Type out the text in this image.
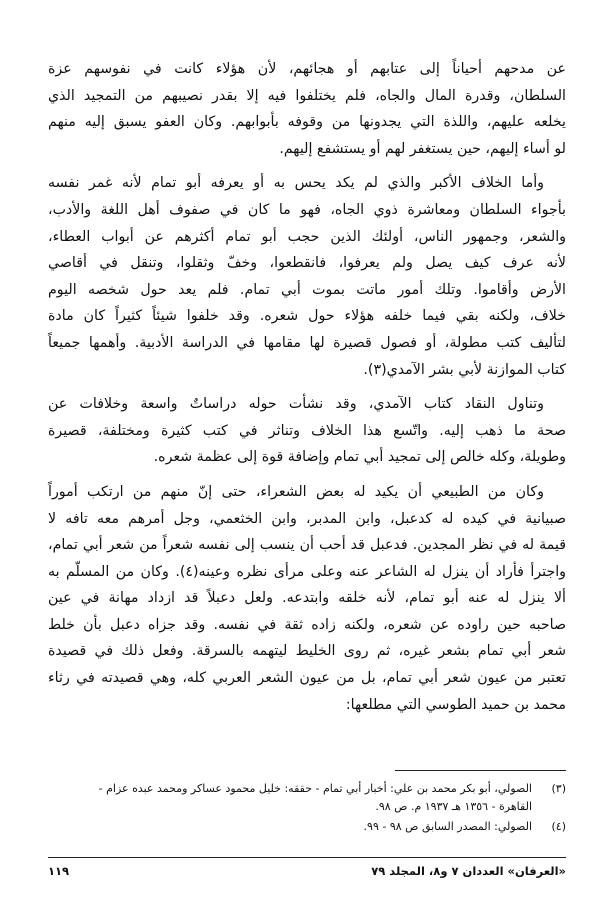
عن مدحهم أحياناً إلى عتابهم أو هجائهم، لأن هؤلاء كانت في نفوسهم عزة
السلطان، وقدرة المال والجاه، فلم يختلفوا فيه إلا بقدر نصيبهم من التمجيد الذي
يخلعه عليهم، واللذة التي يجدونها من وقوفه بأبوابهم. وكان العفو يسبق إليه منهم
لو أساء إليهم، حين يستغفر لهم أو يستشفع إليهم.
وأما الخلاف الأكبر والذي لم يكد يحس به أو يعرفه أبو تمام لأنه غمر نفسه
بأجواء السلطان ومعاشرة ذوي الجاه، فهو ما كان في صفوف أهل اللغة والأدب،
والشعر، وجمهور الناس، أولئك الذين حجب أبو تمام أكثرهم عن أبواب العطاء،
لأنه عرف كيف يصل ولم يعرفوا، فانقطعوا، وخفّ وثقلوا، وتنقل في أقاصي
الأرض وأقاموا. وتلك أمور ماتت بموت أبي تمام. فلم يعد حول شخصه اليوم
خلاف، ولكنه بقي فيما خلفه هؤلاء حول شعره. وقد خلفوا شيئاً كثيراً كان مادة
لتأليف كتب مطولة، أو فصول قصيرة لها مقامها في الدراسة الأدبية. وأهمها جميعاً
كتاب الموازنة لأبي بشر الآمدي(٣).
وتناول النقاد كتاب الآمدي، وقد نشأت حوله دراساتٌ واسعة وخلافات عن
صحة ما ذهب إليه. واتّسع هذا الخلاف وتناثر في كتب كثيرة ومختلفة، قصيرة
وطويلة، وكله خالص إلى تمجيد أبي تمام وإضافة قوة إلى عظمة شعره.
وكان من الطبيعي أن يكيد له بعض الشعراء، حتى إنّ منهم من ارتكب أموراً
صبيانية في كيده له كدعبل، وابن المدبر، وابن الخثعمي، وجل أمرهم معه تافه لا
قيمة له في نظر المجدين. فدعبل قد أحب أن ينسب إلى نفسه شعراً من شعر أبي تمام،
واجترأ فأراد أن ينزل له الشاعر عنه وعلى مرأى نظره وعينه(٤). وكان من المسلّم به
ألا ينزل له عنه أبو تمام، لأنه خلقه وابتدعه. ولعل دعبلاً قد ازداد مهانة في عين
صاحبه حين راوده عن شعره، ولكنه زاده ثقة في نفسه. وقد جزاه دعبل بأن خلط
شعر أبي تمام بشعر غيره، ثم روى الخليط ليتهمه بالسرقة. وفعل ذلك في قصيدة
تعتبر من عيون شعر أبي تمام، بل من عيون الشعر العربي كله، وهي قصيدته في رثاء
محمد بن حميد الطوسي التي مطلعها:
(٣)
الصولي، أبو بكر محمد بن علي: أخبار أبي تمام - حققه: خليل محمود عساكر ومحمد عبده عزام -
القاهرة - ١٣٥٦ هـ ١٩٣٧ م. ص ٩٨.
(٤)
الصولي: المصدر السابق ص ٩٨ - ٩٩.
«العرفان» العددان ٧ و٨، المجلد ٧٩
١١٩
